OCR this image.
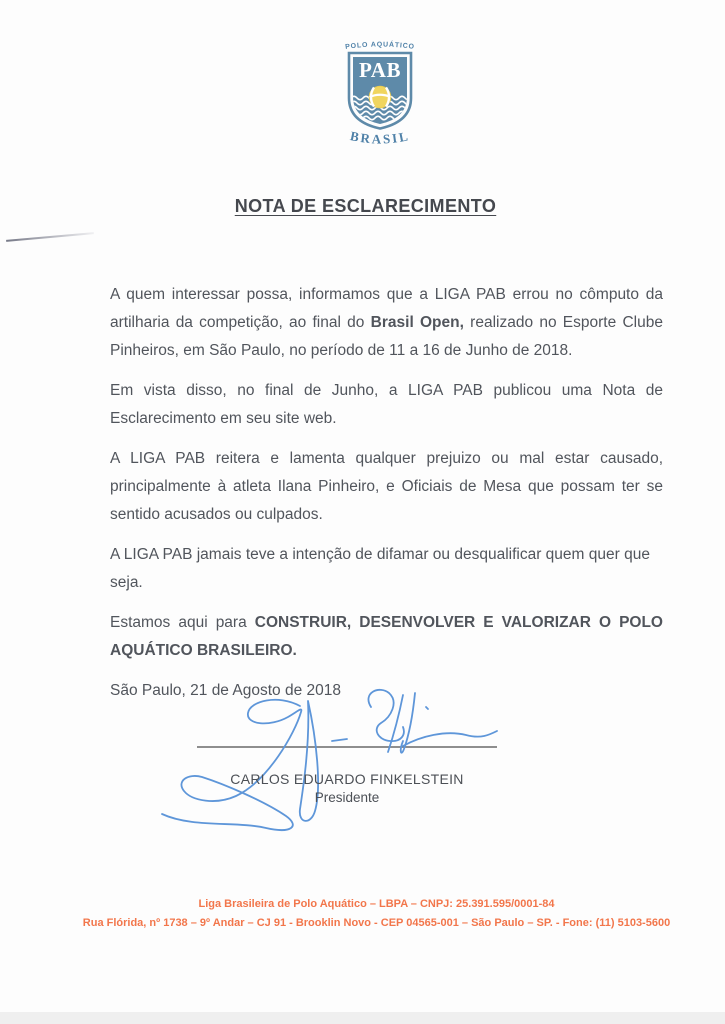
POLO AQUÁTICO
PAB
BRASIL
NOTA DE ESCLARECIMENTO

A quem interessar possa, informamos que a LIGA PAB errou no cômputo da artilharia da competição, ao final do Brasil Open, realizado no Esporte Clube Pinheiros, em São Paulo, no período de 11 a 16 de Junho de 2018.

Em vista disso, no final de Junho, a LIGA PAB publicou uma Nota de Esclarecimento em seu site web.

A LIGA PAB reitera e lamenta qualquer prejuizo ou mal estar causado, principalmente à atleta Ilana Pinheiro, e Oficiais de Mesa que possam ter se sentido acusados ou culpados.

A LIGA PAB jamais teve a intenção de difamar ou desqualificar quem quer que seja.

Estamos aqui para CONSTRUIR, DESENVOLVER E VALORIZAR O POLO AQUÁTICO BRASILEIRO.

São Paulo, 21 de Agosto de 2018

CARLOS EDUARDO FINKELSTEIN
Presidente
Liga Brasileira de Polo Aquático – LBPA – CNPJ: 25.391.595/0001-84
Rua Flórida, nº 1738 – 9º Andar – CJ 91 - Brooklin Novo - CEP 04565-001 – São Paulo – SP. - Fone: (11) 5103-5600
